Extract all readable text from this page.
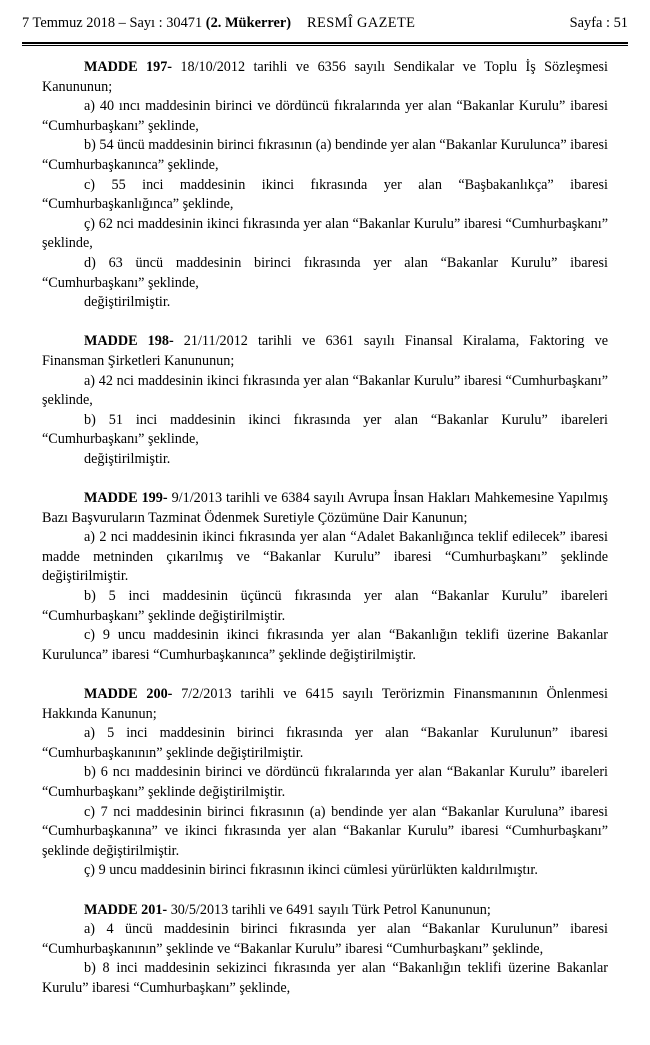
7 Temmuz 2018 – Sayı : 30471 (2. Mükerrer) RESMÎ GAZETE	Sayfa : 51

MADDE 197- 18/10/2012 tarihli ve 6356 sayılı Sendikalar ve Toplu İş Sözleşmesi Kanununun;

a) 40 ıncı maddesinin birinci ve dördüncü fıkralarında yer alan “Bakanlar Kurulu” ibaresi “Cumhurbaşkanı” şeklinde,

b) 54 üncü maddesinin birinci fıkrasının (a) bendinde yer alan “Bakanlar Kurulunca” ibaresi “Cumhurbaşkanınca” şeklinde,

c) 55 inci maddesinin ikinci fıkrasında yer alan “Başbakanlıkça” ibaresi “Cumhurbaşkanlığınca” şeklinde,

ç) 62 nci maddesinin ikinci fıkrasında yer alan “Bakanlar Kurulu” ibaresi “Cumhurbaşkanı” şeklinde,

d) 63 üncü maddesinin birinci fıkrasında yer alan “Bakanlar Kurulu” ibaresi “Cumhurbaşkanı” şeklinde,

değiştirilmiştir.

MADDE 198- 21/11/2012 tarihli ve 6361 sayılı Finansal Kiralama, Faktoring ve Finansman Şirketleri Kanununun;

a) 42 nci maddesinin ikinci fıkrasında yer alan “Bakanlar Kurulu” ibaresi “Cumhurbaşkanı” şeklinde,

b) 51 inci maddesinin ikinci fıkrasında yer alan “Bakanlar Kurulu” ibareleri “Cumhurbaşkanı” şeklinde,

değiştirilmiştir.

MADDE 199- 9/1/2013 tarihli ve 6384 sayılı Avrupa İnsan Hakları Mahkemesine Yapılmış Bazı Başvuruların Tazminat Ödenmek Suretiyle Çözümüne Dair Kanunun;

a) 2 nci maddesinin ikinci fıkrasında yer alan “Adalet Bakanlığınca teklif edilecek” ibaresi madde metninden çıkarılmış ve “Bakanlar Kurulu” ibaresi “Cumhurbaşkanı” şeklinde değiştirilmiştir.

b) 5 inci maddesinin üçüncü fıkrasında yer alan “Bakanlar Kurulu” ibareleri “Cumhurbaşkanı” şeklinde değiştirilmiştir.

c) 9 uncu maddesinin ikinci fıkrasında yer alan “Bakanlığın teklifi üzerine Bakanlar Kurulunca” ibaresi “Cumhurbaşkanınca” şeklinde değiştirilmiştir.

MADDE 200- 7/2/2013 tarihli ve 6415 sayılı Terörizmin Finansmanının Önlenmesi Hakkında Kanunun;

a) 5 inci maddesinin birinci fıkrasında yer alan “Bakanlar Kurulunun” ibaresi “Cumhurbaşkanının” şeklinde değiştirilmiştir.

b) 6 ncı maddesinin birinci ve dördüncü fıkralarında yer alan “Bakanlar Kurulu” ibareleri “Cumhurbaşkanı” şeklinde değiştirilmiştir.

c) 7 nci maddesinin birinci fıkrasının (a) bendinde yer alan “Bakanlar Kuruluna” ibaresi “Cumhurbaşkanına” ve ikinci fıkrasında yer alan “Bakanlar Kurulu” ibaresi “Cumhurbaşkanı” şeklinde değiştirilmiştir.

ç) 9 uncu maddesinin birinci fıkrasının ikinci cümlesi yürürlükten kaldırılmıştır.

MADDE 201- 30/5/2013 tarihli ve 6491 sayılı Türk Petrol Kanununun;

a) 4 üncü maddesinin birinci fıkrasında yer alan “Bakanlar Kurulunun” ibaresi “Cumhurbaşkanının” şeklinde ve “Bakanlar Kurulu” ibaresi “Cumhurbaşkanı” şeklinde,

b) 8 inci maddesinin sekizinci fıkrasında yer alan “Bakanlığın teklifi üzerine Bakanlar Kurulu” ibaresi “Cumhurbaşkanı” şeklinde,
